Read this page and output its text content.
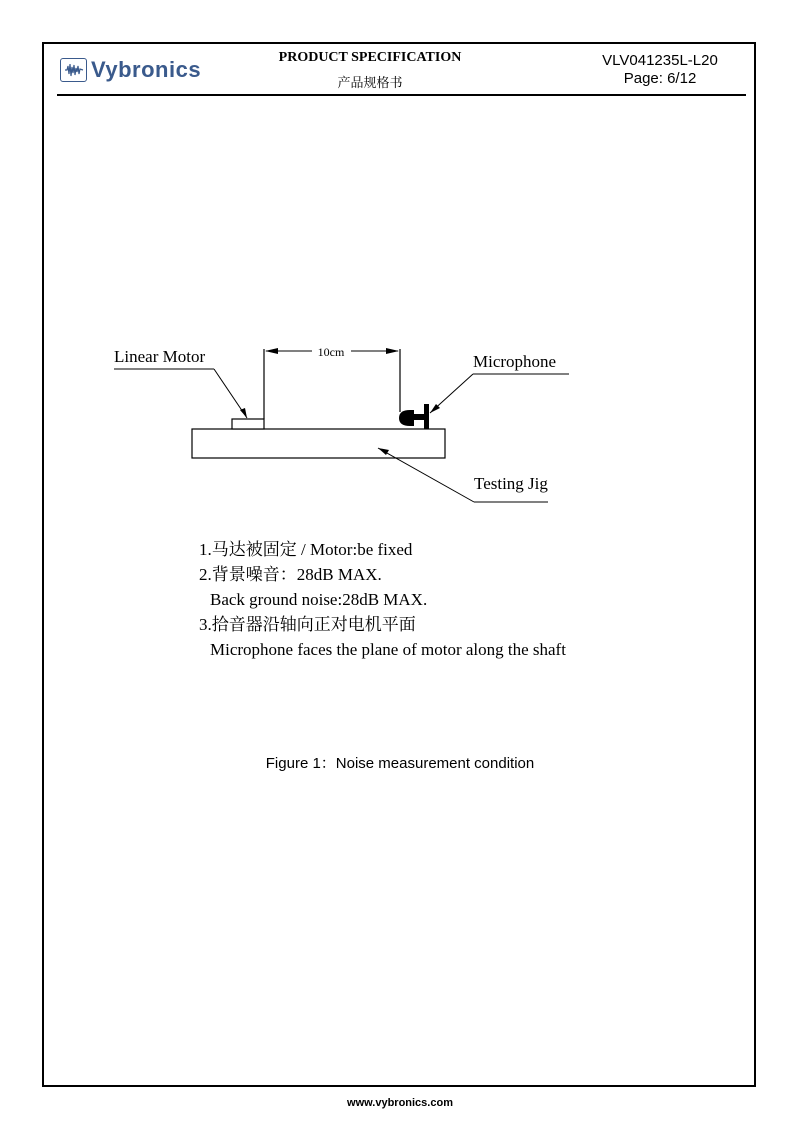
Vybronics	PRODUCT SPECIFICATION
产品规格书
VLV041235L-L20
Page: 6/12
10cm
Linear Motor	Microphone
Testing Jig
1.马达被固定 / Motor:be fixed
2.背景噪音：28dB MAX.
Back ground noise:28dB MAX.
3.拾音器沿轴向正对电机平面
Microphone faces the plane of motor along the shaft
Figure 1：Noise measurement condition
www.vybronics.com
